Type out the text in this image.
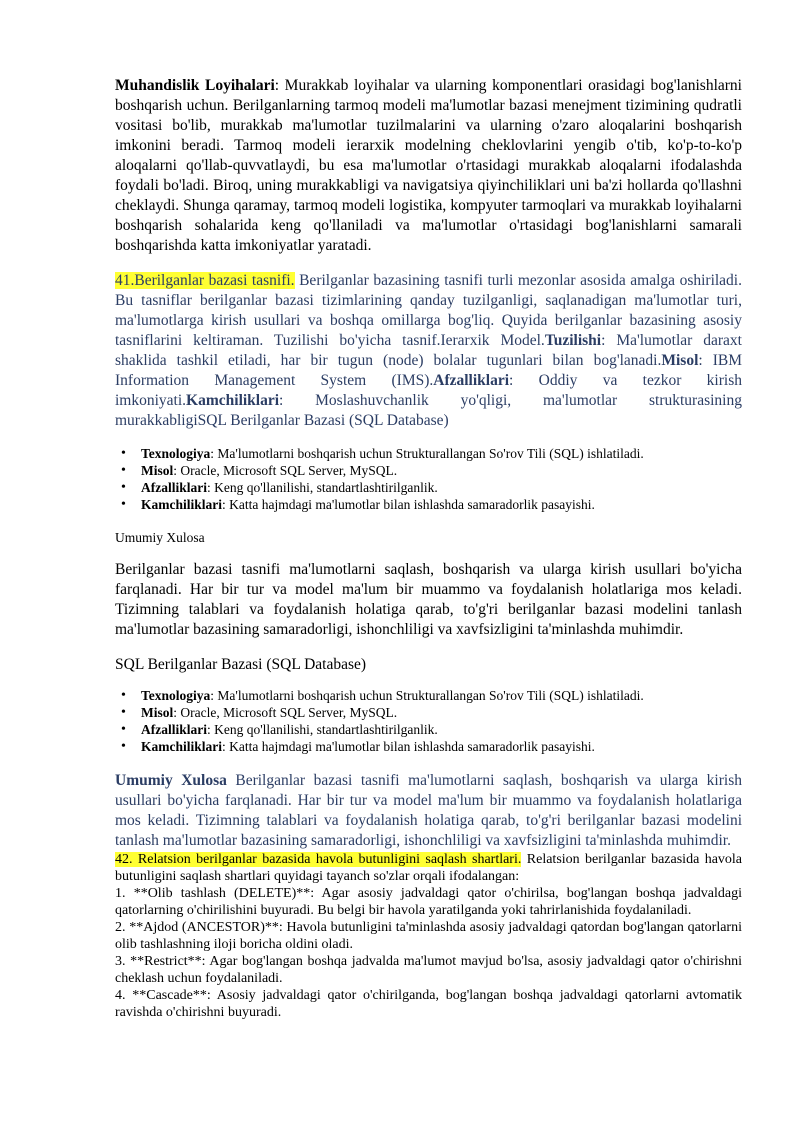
Muhandislik Loyihalari: Murakkab loyihalar va ularning komponentlari orasidagi bog'lanishlarni boshqarish uchun. Berilganlarning tarmoq modeli ma'lumotlar bazasi menejment tizimining qudratli vositasi bo'lib, murakkab ma'lumotlar tuzilmalarini va ularning o'zaro aloqalarini boshqarish imkonini beradi. Tarmoq modeli ierarxik modelning cheklovlarini yengib o'tib, ko'p-to-ko'p aloqalarni qo'llab-quvvatlaydi, bu esa ma'lumotlar o'rtasidagi murakkab aloqalarni ifodalashda foydali bo'ladi. Biroq, uning murakkabligi va navigatsiya qiyinchiliklari uni ba'zi hollarda qo'llashni cheklaydi. Shunga qaramay, tarmoq modeli logistika, kompyuter tarmoqlari va murakkab loyihalarni boshqarish sohalarida keng qo'llaniladi va ma'lumotlar o'rtasidagi bog'lanishlarni samarali boshqarishda katta imkoniyatlar yaratadi.

41.Berilganlar bazasi tasnifi. Berilganlar bazasining tasnifi turli mezonlar asosida amalga oshiriladi. Bu tasniflar berilganlar bazasi tizimlarining qanday tuzilganligi, saqlanadigan ma'lumotlar turi, ma'lumotlarga kirish usullari va boshqa omillarga bog'liq. Quyida berilganlar bazasining asosiy tasniflarini keltiraman. Tuzilishi bo'yicha tasnif.Ierarxik Model.Tuzilishi: Ma'lumotlar daraxt shaklida tashkil etiladi, har bir tugun (node) bolalar tugunlari bilan bog'lanadi.Misol: IBM Information Management System (IMS).Afzalliklari: Oddiy va tezkor kirish imkoniyati.Kamchiliklari: Moslashuvchanlik yo'qligi, ma'lumotlar strukturasining murakkabligiSQL Berilganlar Bazasi (SQL Database)

• Texnologiya: Ma'lumotlarni boshqarish uchun Strukturallangan So'rov Tili (SQL) ishlatiladi.
• Misol: Oracle, Microsoft SQL Server, MySQL.
• Afzalliklari: Keng qo'llanilishi, standartlashtirilganlik.
• Kamchiliklari: Katta hajmdagi ma'lumotlar bilan ishlashda samaradorlik pasayishi.

Umumiy Xulosa

Berilganlar bazasi tasnifi ma'lumotlarni saqlash, boshqarish va ularga kirish usullari bo'yicha farqlanadi. Har bir tur va model ma'lum bir muammo va foydalanish holatlariga mos keladi. Tizimning talablari va foydalanish holatiga qarab, to'g'ri berilganlar bazasi modelini tanlash ma'lumotlar bazasining samaradorligi, ishonchliligi va xavfsizligini ta'minlashda muhimdir.

SQL Berilganlar Bazasi (SQL Database)

• Texnologiya: Ma'lumotlarni boshqarish uchun Strukturallangan So'rov Tili (SQL) ishlatiladi.
• Misol: Oracle, Microsoft SQL Server, MySQL.
• Afzalliklari: Keng qo'llanilishi, standartlashtirilganlik.
• Kamchiliklari: Katta hajmdagi ma'lumotlar bilan ishlashda samaradorlik pasayishi.

Umumiy Xulosa Berilganlar bazasi tasnifi ma'lumotlarni saqlash, boshqarish va ularga kirish usullari bo'yicha farqlanadi. Har bir tur va model ma'lum bir muammo va foydalanish holatlariga mos keladi. Tizimning talablari va foydalanish holatiga qarab, to'g'ri berilganlar bazasi modelini tanlash ma'lumotlar bazasining samaradorligi, ishonchliligi va xavfsizligini ta'minlashda muhimdir.

42. Relatsion berilganlar bazasida havola butunligini saqlash shartlari. Relatsion berilganlar bazasida havola butunligini saqlash shartlari quyidagi tayanch so'zlar orqali ifodalangan:

1. **Olib tashlash (DELETE)**: Agar asosiy jadvaldagi qator o'chirilsa, bog'langan boshqa jadvaldagi qatorlarning o'chirilishini buyuradi. Bu belgi bir havola yaratilganda yoki tahrirlanishida foydalaniladi.

2. **Ajdod (ANCESTOR)**: Havola butunligini ta'minlashda asosiy jadvaldagi qatordan bog'langan qatorlarni olib tashlashning iloji boricha oldini oladi.

3. **Restrict**: Agar bog'langan boshqa jadvalda ma'lumot mavjud bo'lsa, asosiy jadvaldagi qator o'chirishni cheklash uchun foydalaniladi.

4. **Cascade**: Asosiy jadvaldagi qator o'chirilganda, bog'langan boshqa jadvaldagi qatorlarni avtomatik ravishda o'chirishni buyuradi.
